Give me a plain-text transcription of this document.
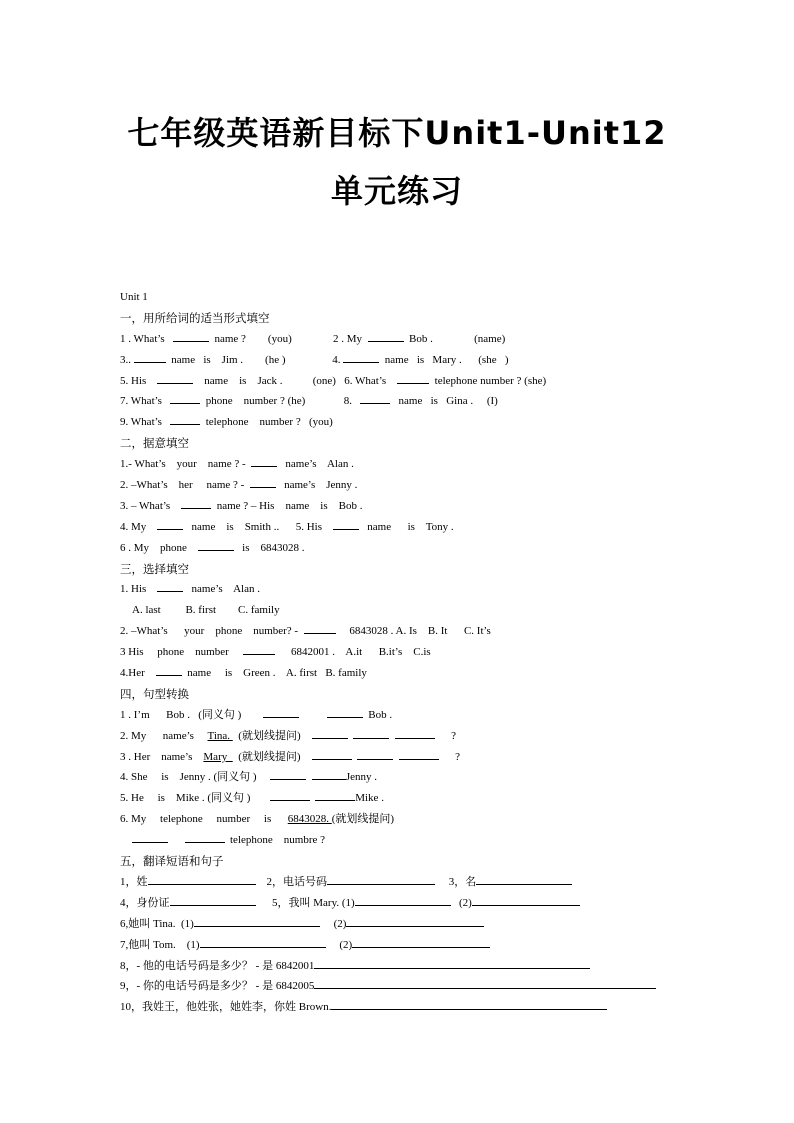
七年级英语新目标下Unit1-Unit12
单元练习
Unit 1
一，用所给词的适当形式填空
1 . What’s	name ?        (you)               2 . My	Bob .               (name)
3..	name   is    Jim .        (he )                 4.	name   is   Mary .      (she   )
5. His	name    is    Jack .           (one)   6. What’s	telephone number ? (she)
7. What’s	phone    number ? (he)              8.	name   is   Gina .     (I)
9. What’s	telephone    number ?   (you)
二，据意填空
1.- What’s    your    name ? -     name’s    Alan .
2. –What’s    her     name ? -     name’s    Jenny .
3. – What’s	name ? – His    name    is    Bob .
4. My       name    is    Smith ..      5. His       name      is    Tony .
6 . My    phone	is    6843028 .
三，选择填空
1. His       name’s    Alan .
A. last         B. first        C. family
2. –What’s      your    phone    number? -	6843028 . A. Is    B. It      C. It’s
3 His     phone    number	6842001 .    A.it      B.it’s    C.is
4.Her      name     is    Green .    A. first   B. family
四，句型转换
1 . I’m      Bob .   (同义句 )	Bob .
2. My      name’s     Tina.   (就划线提问)	?
3 . Her    name’s    Mary    (就划线提问)	?
4. She     is    Jenny . (同义句 )	Jenny .
5. He     is    Mike . (同义句 )	Mike .
6. My     telephone     number     is      6843028. (就划线提问)
telephone    numbre ?
五，翻译短语和句子
1，姓	2，电话号码	3，名
4，身份证	5，我叫 Mary. (1)	(2)
6,她叫 Tina.  (1)	(2)
7,他叫 Tom.    (1)	(2)
8，- 他的电话号码是多少？ - 是 6842001
9，- 你的电话号码是多少？ - 是 6842005
10，我姓王，他姓张，她姓李，你姓 Brown.
